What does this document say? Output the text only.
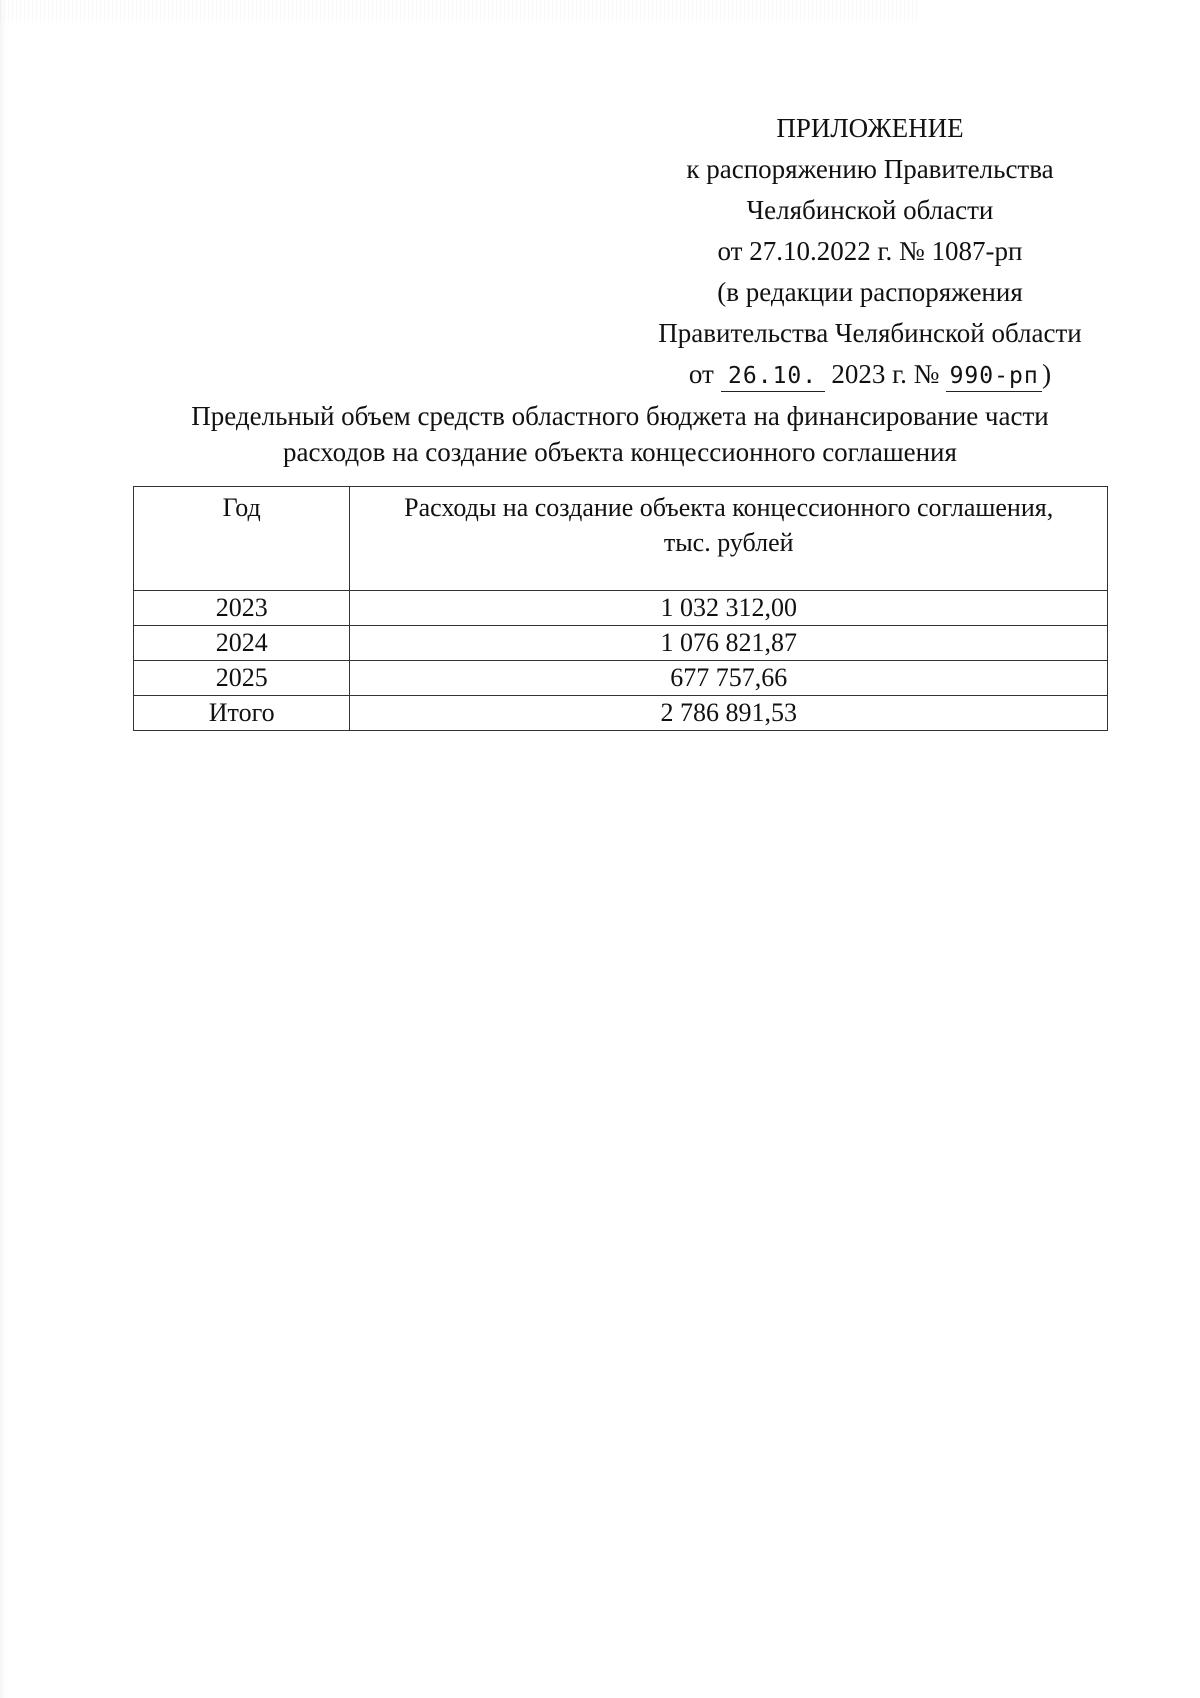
ПРИЛОЖЕНИЕ
к распоряжению Правительства
Челябинской области
от 27.10.2022 г. № 1087-рп
(в редакции распоряжения
Правительства Челябинской области
от 26.10. 2023 г. № 990-рп )
Предельный объем средств областного бюджета на финансирование части
расходов на создание объекта концессионного соглашения
Год	Расходы на создание объекта концессионного соглашения,
тыс. рублей

2023	1 032 312,00
2024	1 076 821,87
2025	677 757,66
Итого	2 786 891,53
